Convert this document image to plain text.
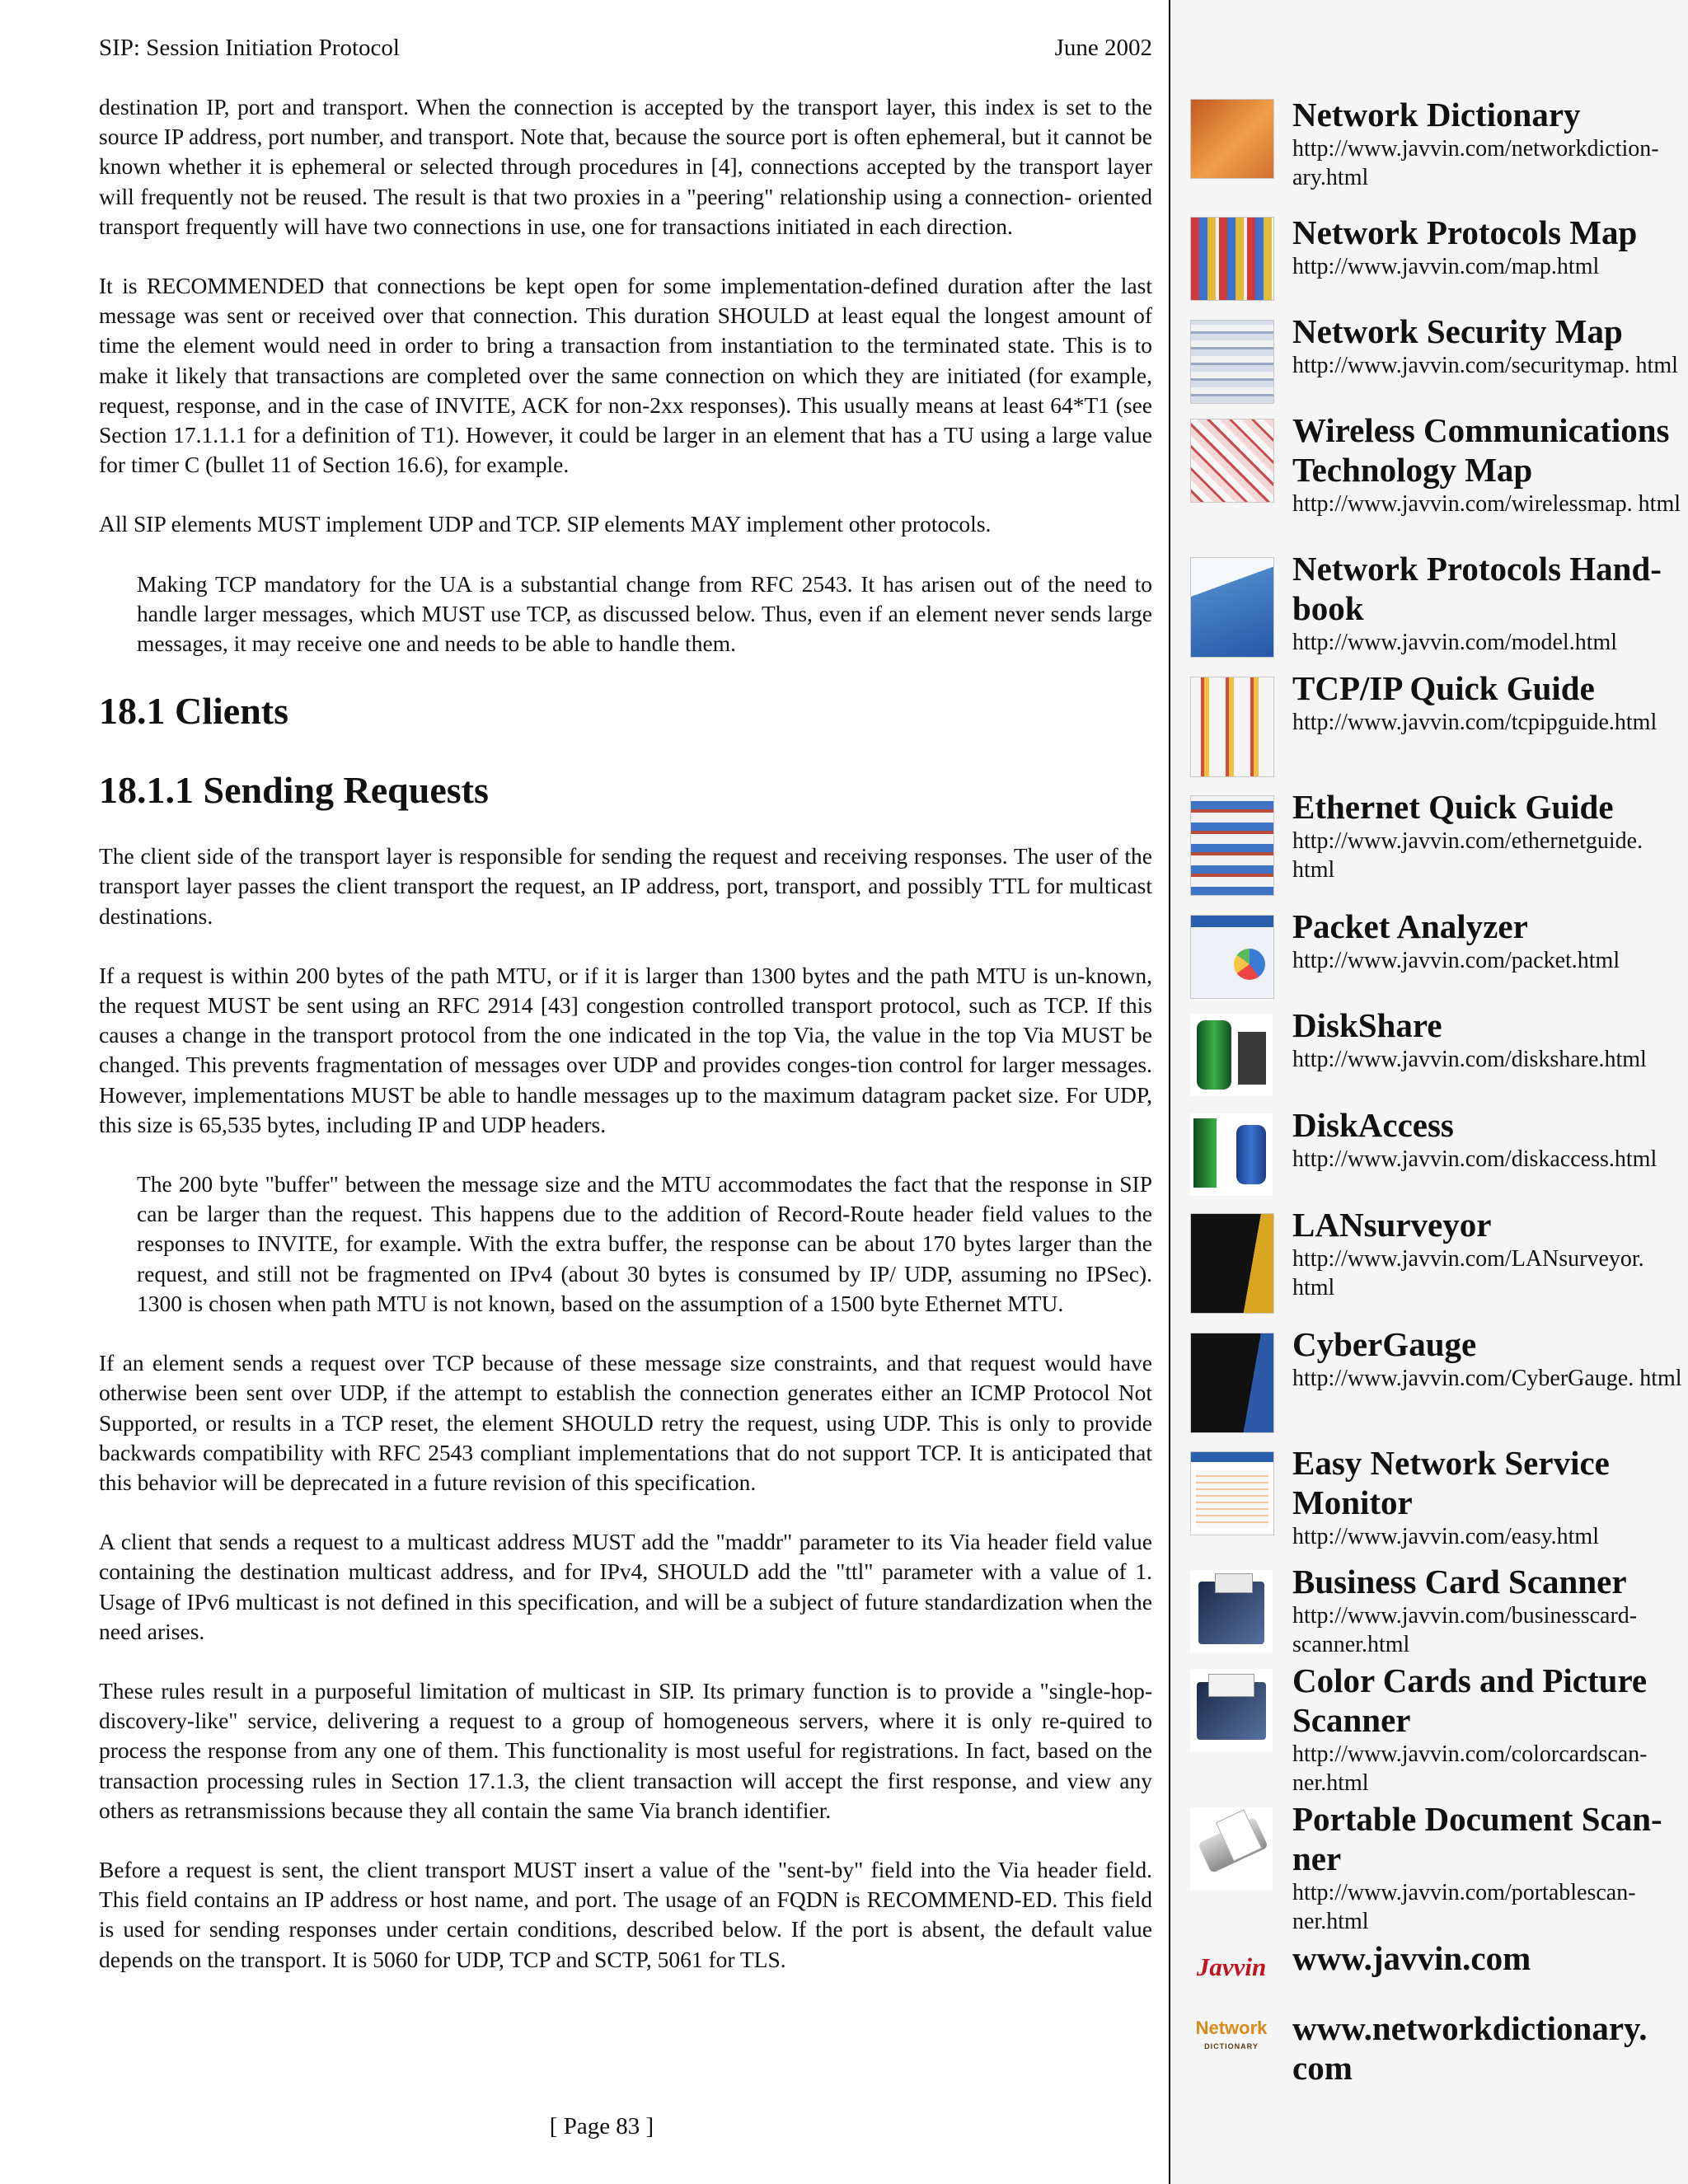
SIP: Session Initiation Protocol	June 2002

destination IP, port and transport. When the connection is accepted by the transport layer, this index is set to the source IP address, port number, and transport. Note that, because the source port is often ephemeral, but it cannot be known whether it is ephemeral or selected through procedures in [4], connections accepted by the transport layer will frequently not be reused. The result is that two proxies in a "peering" relationship using a connection- oriented transport frequently will have two connections in use, one for transactions initiated in each direction.

It is RECOMMENDED that connections be kept open for some implementation-defined duration after the last message was sent or received over that connection. This duration SHOULD at least equal the longest amount of time the element would need in order to bring a transaction from instantiation to the terminated state. This is to make it likely that transactions are completed over the same connection on which they are initiated (for example, request, response, and in the case of INVITE, ACK for non-2xx responses). This usually means at least 64*T1 (see Section 17.1.1.1 for a definition of T1). However, it could be larger in an element that has a TU using a large value for timer C (bullet 11 of Section 16.6), for example.

All SIP elements MUST implement UDP and TCP. SIP elements MAY implement other protocols.

Making TCP mandatory for the UA is a substantial change from RFC 2543. It has arisen out of the need to handle larger messages, which MUST use TCP, as discussed below. Thus, even if an element never sends large messages, it may receive one and needs to be able to handle them.

18.1 Clients
18.1.1 Sending Requests

The client side of the transport layer is responsible for sending the request and receiving responses. The user of the transport layer passes the client transport the request, an IP address, port, transport, and possibly TTL for multicast destinations.

If a request is within 200 bytes of the path MTU, or if it is larger than 1300 bytes and the path MTU is un-known, the request MUST be sent using an RFC 2914 [43] congestion controlled transport protocol, such as TCP. If this causes a change in the transport protocol from the one indicated in the top Via, the value in the top Via MUST be changed. This prevents fragmentation of messages over UDP and provides conges-tion control for larger messages. However, implementations MUST be able to handle messages up to the maximum datagram packet size. For UDP, this size is 65,535 bytes, including IP and UDP headers.

The 200 byte "buffer" between the message size and the MTU accommodates the fact that the response in SIP can be larger than the request. This happens due to the addition of Record-Route header field values to the responses to INVITE, for example. With the extra buffer, the response can be about 170 bytes larger than the request, and still not be fragmented on IPv4 (about 30 bytes is consumed by IP/ UDP, assuming no IPSec). 1300 is chosen when path MTU is not known, based on the assumption of a 1500 byte Ethernet MTU.

If an element sends a request over TCP because of these message size constraints, and that request would have otherwise been sent over UDP, if the attempt to establish the connection generates either an ICMP Protocol Not Supported, or results in a TCP reset, the element SHOULD retry the request, using UDP. This is only to provide backwards compatibility with RFC 2543 compliant implementations that do not support TCP. It is anticipated that this behavior will be deprecated in a future revision of this specification.

A client that sends a request to a multicast address MUST add the "maddr" parameter to its Via header field value containing the destination multicast address, and for IPv4, SHOULD add the "ttl" parameter with a value of 1. Usage of IPv6 multicast is not defined in this specification, and will be a subject of future standardization when the need arises.

These rules result in a purposeful limitation of multicast in SIP. Its primary function is to provide a "single-hop-discovery-like" service, delivering a request to a group of homogeneous servers, where it is only re-quired to process the response from any one of them. This functionality is most useful for registrations. In fact, based on the transaction processing rules in Section 17.1.3, the client transaction will accept the first response, and view any others as retransmissions because they all contain the same Via branch identifier.

Before a request is sent, the client transport MUST insert a value of the "sent-by" field into the Via header field. This field contains an IP address or host name, and port. The usage of an FQDN is RECOMMEND-ED. This field is used for sending responses under certain conditions, described below. If the port is absent, the default value depends on the transport. It is 5060 for UDP, TCP and SCTP, 5061 for TLS.

[ Page 83 ]
Network Dictionary
http://www.javvin.com/networkdiction-ary.html
Network Protocols Map
http://www.javvin.com/map.html
Network Security Map
http://www.javvin.com/securitymap. html
Wireless Communications Technology Map
http://www.javvin.com/wirelessmap. html
Network Protocols Hand-book
http://www.javvin.com/model.html
TCP/IP Quick Guide
http://www.javvin.com/tcpipguide.html
Ethernet Quick Guide
http://www.javvin.com/ethernetguide. html
Packet Analyzer
http://www.javvin.com/packet.html
DiskShare
http://www.javvin.com/diskshare.html
DiskAccess
http://www.javvin.com/diskaccess.html
LANsurveyor
http://www.javvin.com/LANsurveyor. html
CyberGauge
http://www.javvin.com/CyberGauge. html
Easy Network Service Monitor
http://www.javvin.com/easy.html
Business Card Scanner
http://www.javvin.com/businesscard-scanner.html
Color Cards and Picture Scanner
http://www.javvin.com/colorcardscan-ner.html
Portable Document Scan-ner
http://www.javvin.com/portablescan-ner.html
Javvin www.javvin.com
Network
DICTIONARY www.networkdictionary. com
